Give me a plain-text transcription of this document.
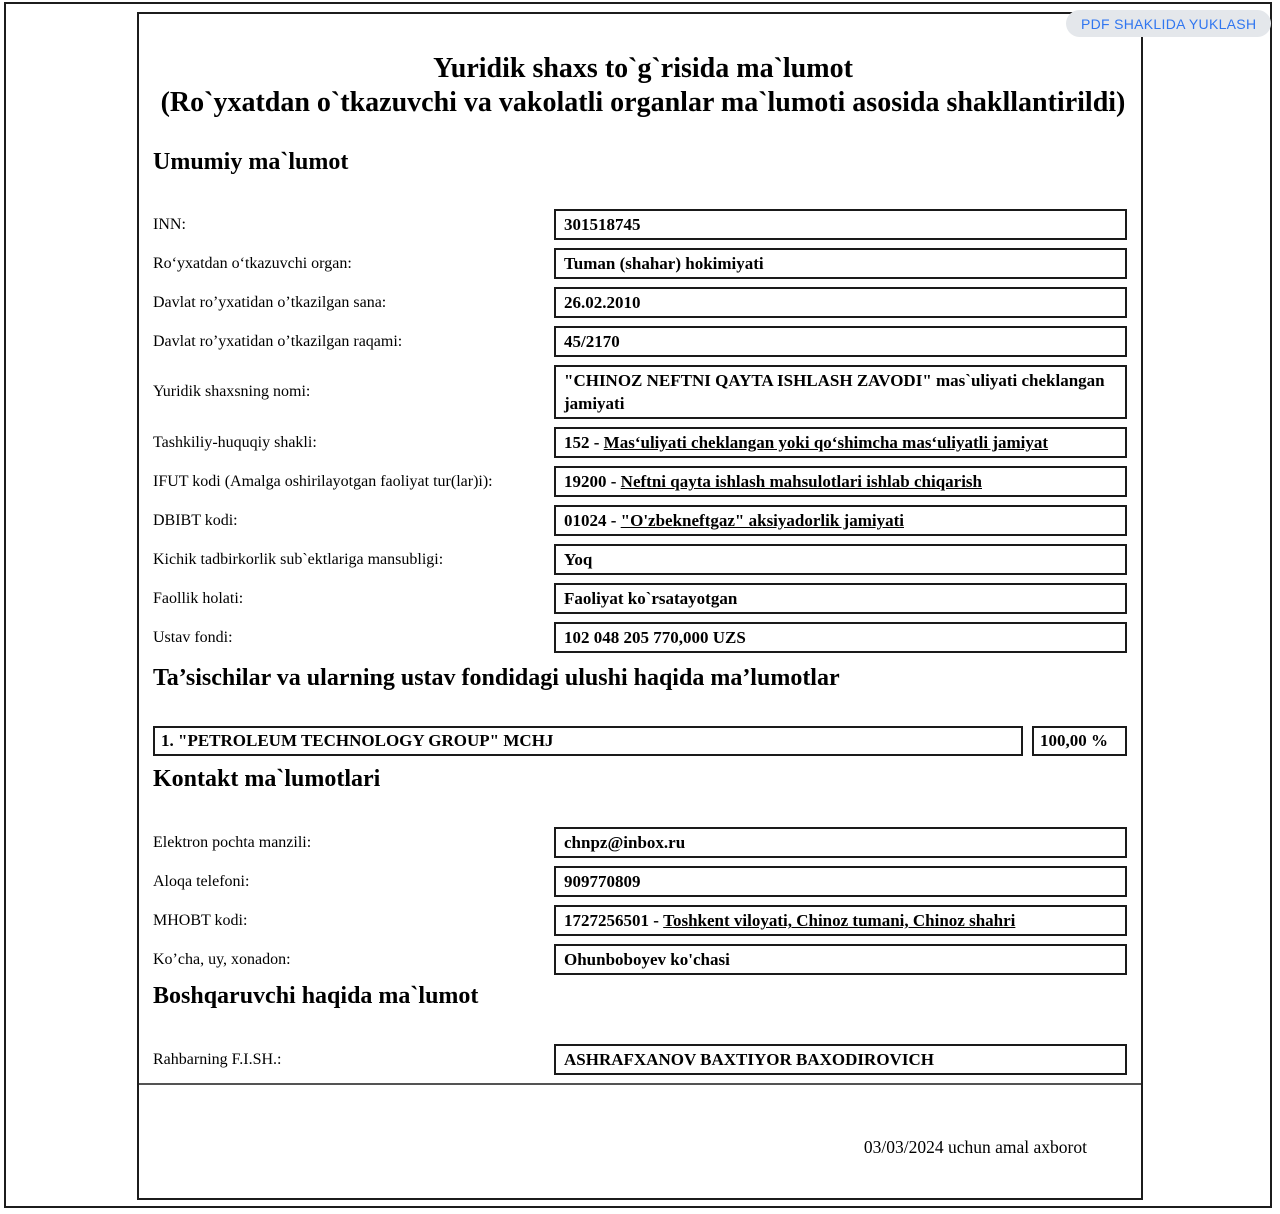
PDF SHAKLIDA YUKLASH
Yuridik shaxs to`g`risida ma`lumot
(Ro`yxatdan o`tkazuvchi va vakolatli organlar ma`lumoti asosida shakllantirildi)
Umumiy ma`lumot
INN:	301518745
Roʻyxatdan oʻtkazuvchi organ:	Tuman (shahar) hokimiyati
Davlat roʼyxatidan oʼtkazilgan sana:	26.02.2010
Davlat roʼyxatidan oʼtkazilgan raqami:	45/2170
Yuridik shaxsning nomi:
"CHINOZ NEFTNI QAYTA ISHLASH ZAVODI" mas`uliyati cheklangan jamiyati
Tashkiliy-huquqiy shakli:	152 - Masʻuliyati cheklangan yoki qoʻshimcha masʻuliyatli jamiyat
IFUT kodi (Amalga oshirilayotgan faoliyat tur(lar)i):	19200 - Neftni qayta ishlash mahsulotlari ishlab chiqarish
DBIBT kodi:	01024 - "O'zbekneftgaz" aksiyadorlik jamiyati
Kichik tadbirkorlik sub`ektlariga mansubligi:	Yoq
Faollik holati:	Faoliyat ko`rsatayotgan
Ustav fondi:	102 048 205 770,000 UZS
Ta’sischilar va ularning ustav fondidagi ulushi haqida ma’lumotlar
1. "PETROLEUM TECHNOLOGY GROUP" MCHJ	100,00 %
Kontakt ma`lumotlari
Elektron pochta manzili:	chnpz@inbox.ru
Aloqa telefoni:	909770809
MHOBT kodi:	1727256501 - Toshkent viloyati, Chinoz tumani, Chinoz shahri
Koʼcha, uy, xonadon:	Ohunboboyev ko'chasi
Boshqaruvchi haqida ma`lumot
Rahbarning F.I.SH.:	ASHRAFXANOV BAXTIYOR BAXODIROVICH
03/03/2024 uchun amal axborot
